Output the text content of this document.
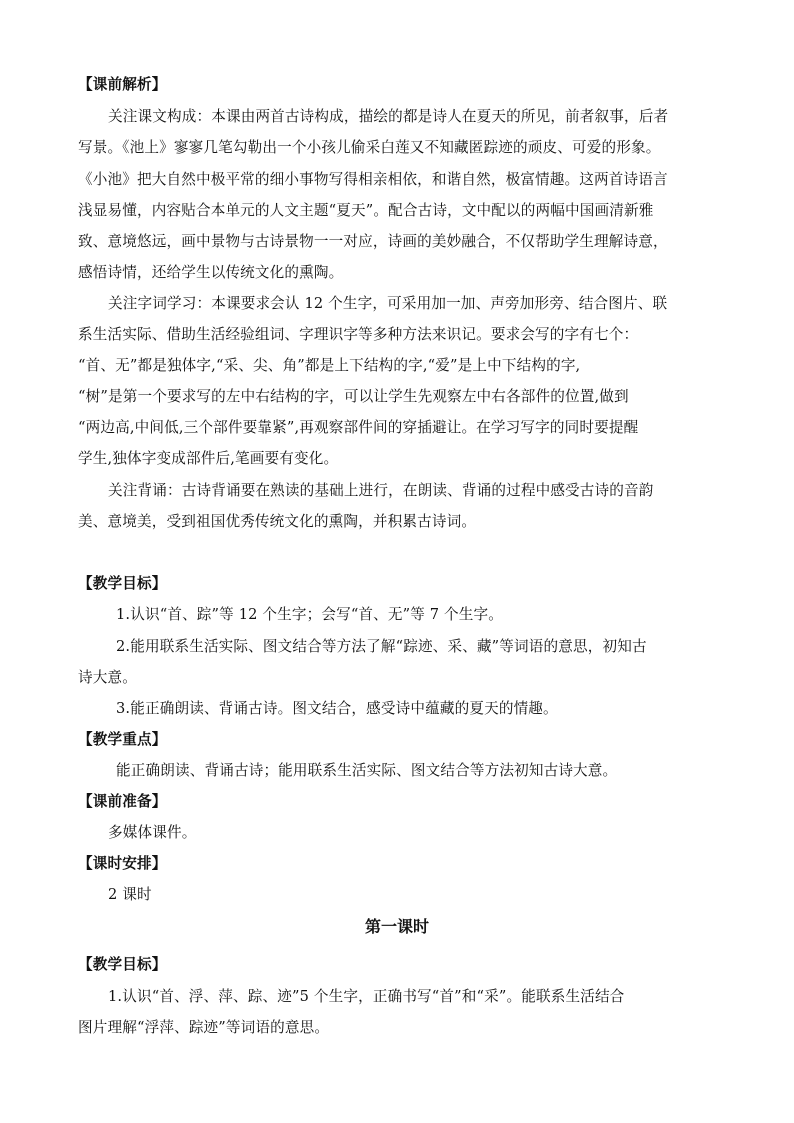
【课前解析】
关注课文构成：本课由两首古诗构成，描绘的都是诗人在夏天的所见，前者叙事，后者
写景。《池上》寥寥几笔勾勒出一个小孩儿偷采白莲又不知藏匿踪迹的顽皮、可爱的形象。
《小池》把大自然中极平常的细小事物写得相亲相依，和谐自然，极富情趣。这两首诗语言
浅显易懂，内容贴合本单元的人文主题“夏天”。配合古诗，文中配以的两幅中国画清新雅
致、意境悠远，画中景物与古诗景物一一对应，诗画的美妙融合，不仅帮助学生理解诗意，
感悟诗情，还给学生以传统文化的熏陶。
关注字词学习：本课要求会认 12 个生字，可采用加一加、声旁加形旁、结合图片、联
系生活实际、借助生活经验组词、字理识字等多种方法来识记。要求会写的字有七个：
“首、无”都是独体字,“采、尖、角”都是上下结构的字,“爱”是上中下结构的字,
“树”是第一个要求写的左中右结构的字，可以让学生先观察左中右各部件的位置,做到
“两边高,中间低,三个部件要靠紧”,再观察部件间的穿插避让。在学习写字的同时要提醒
学生,独体字变成部件后,笔画要有变化。
关注背诵：古诗背诵要在熟读的基础上进行，在朗读、背诵的过程中感受古诗的音韵
美、意境美，受到祖国优秀传统文化的熏陶，并积累古诗词。
【教学目标】
1.认识“首、踪”等 12 个生字；会写“首、无”等 7 个生字。
2.能用联系生活实际、图文结合等方法了解“踪迹、采、藏”等词语的意思，初知古
诗大意。
3.能正确朗读、背诵古诗。图文结合，感受诗中蕴藏的夏天的情趣。
【教学重点】
能正确朗读、背诵古诗；能用联系生活实际、图文结合等方法初知古诗大意。
【课前准备】
多媒体课件。
【课时安排】
2 课时
第一课时
【教学目标】
1.认识“首、浮、萍、踪、迹”5 个生字，正确书写“首”和“采”。能联系生活结合
图片理解“浮萍、踪迹”等词语的意思。
